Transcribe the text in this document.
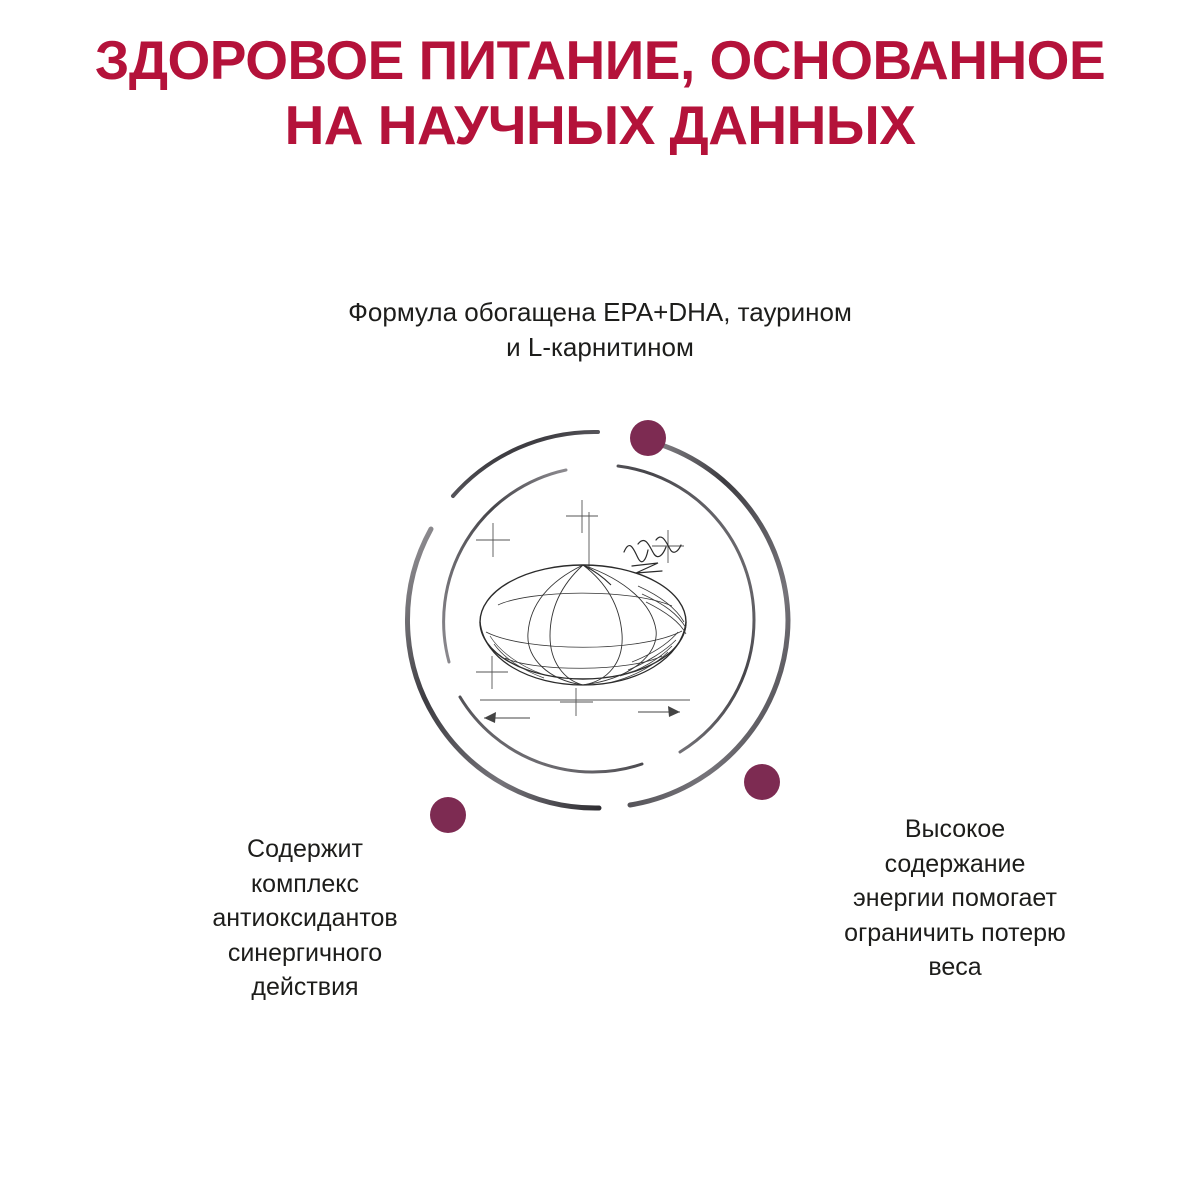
ЗДОРОВОЕ ПИТАНИЕ, ОСНОВАННОЕ
НА НАУЧНЫХ ДАННЫХ
Формула обогащена EPA+DHA, таурином
и L-карнитином
Содержит
комплекс
антиоксидантов
синергичного
действия
Высокое
содержание
энергии помогает
ограничить потерю
веса
